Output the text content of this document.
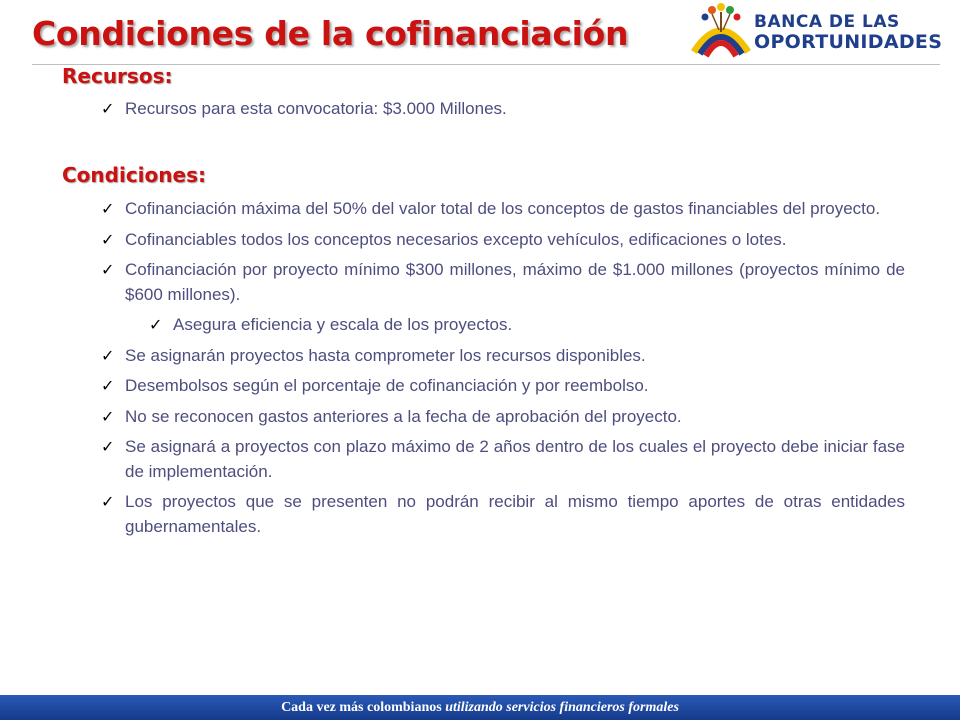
Condiciones de la cofinanciación	BANCA DE LAS
OPORTUNIDADES
Recursos:
✓ Recursos para esta convocatoria: $3.000 Millones.
Condiciones:
✓ Cofinanciación máxima del 50% del valor total de los conceptos de gastos financiables del proyecto.
✓ Cofinanciables todos los conceptos necesarios excepto vehículos, edificaciones o lotes.
✓ Cofinanciación por proyecto mínimo $300 millones, máximo de $1.000 millones (proyectos mínimo de $600 millones).
✓ Asegura eficiencia y escala de los proyectos.
✓ Se asignarán proyectos hasta comprometer los recursos disponibles.
✓ Desembolsos según el porcentaje de cofinanciación y por reembolso.
✓ No se reconocen gastos anteriores a la fecha de aprobación del proyecto.
✓ Se asignará a proyectos con plazo máximo de 2 años dentro de los cuales el proyecto debe iniciar fase de implementación.
✓ Los proyectos que se presenten no podrán recibir al mismo tiempo aportes de otras entidades gubernamentales.
Cada vez más colombianos utilizando servicios financieros formales
